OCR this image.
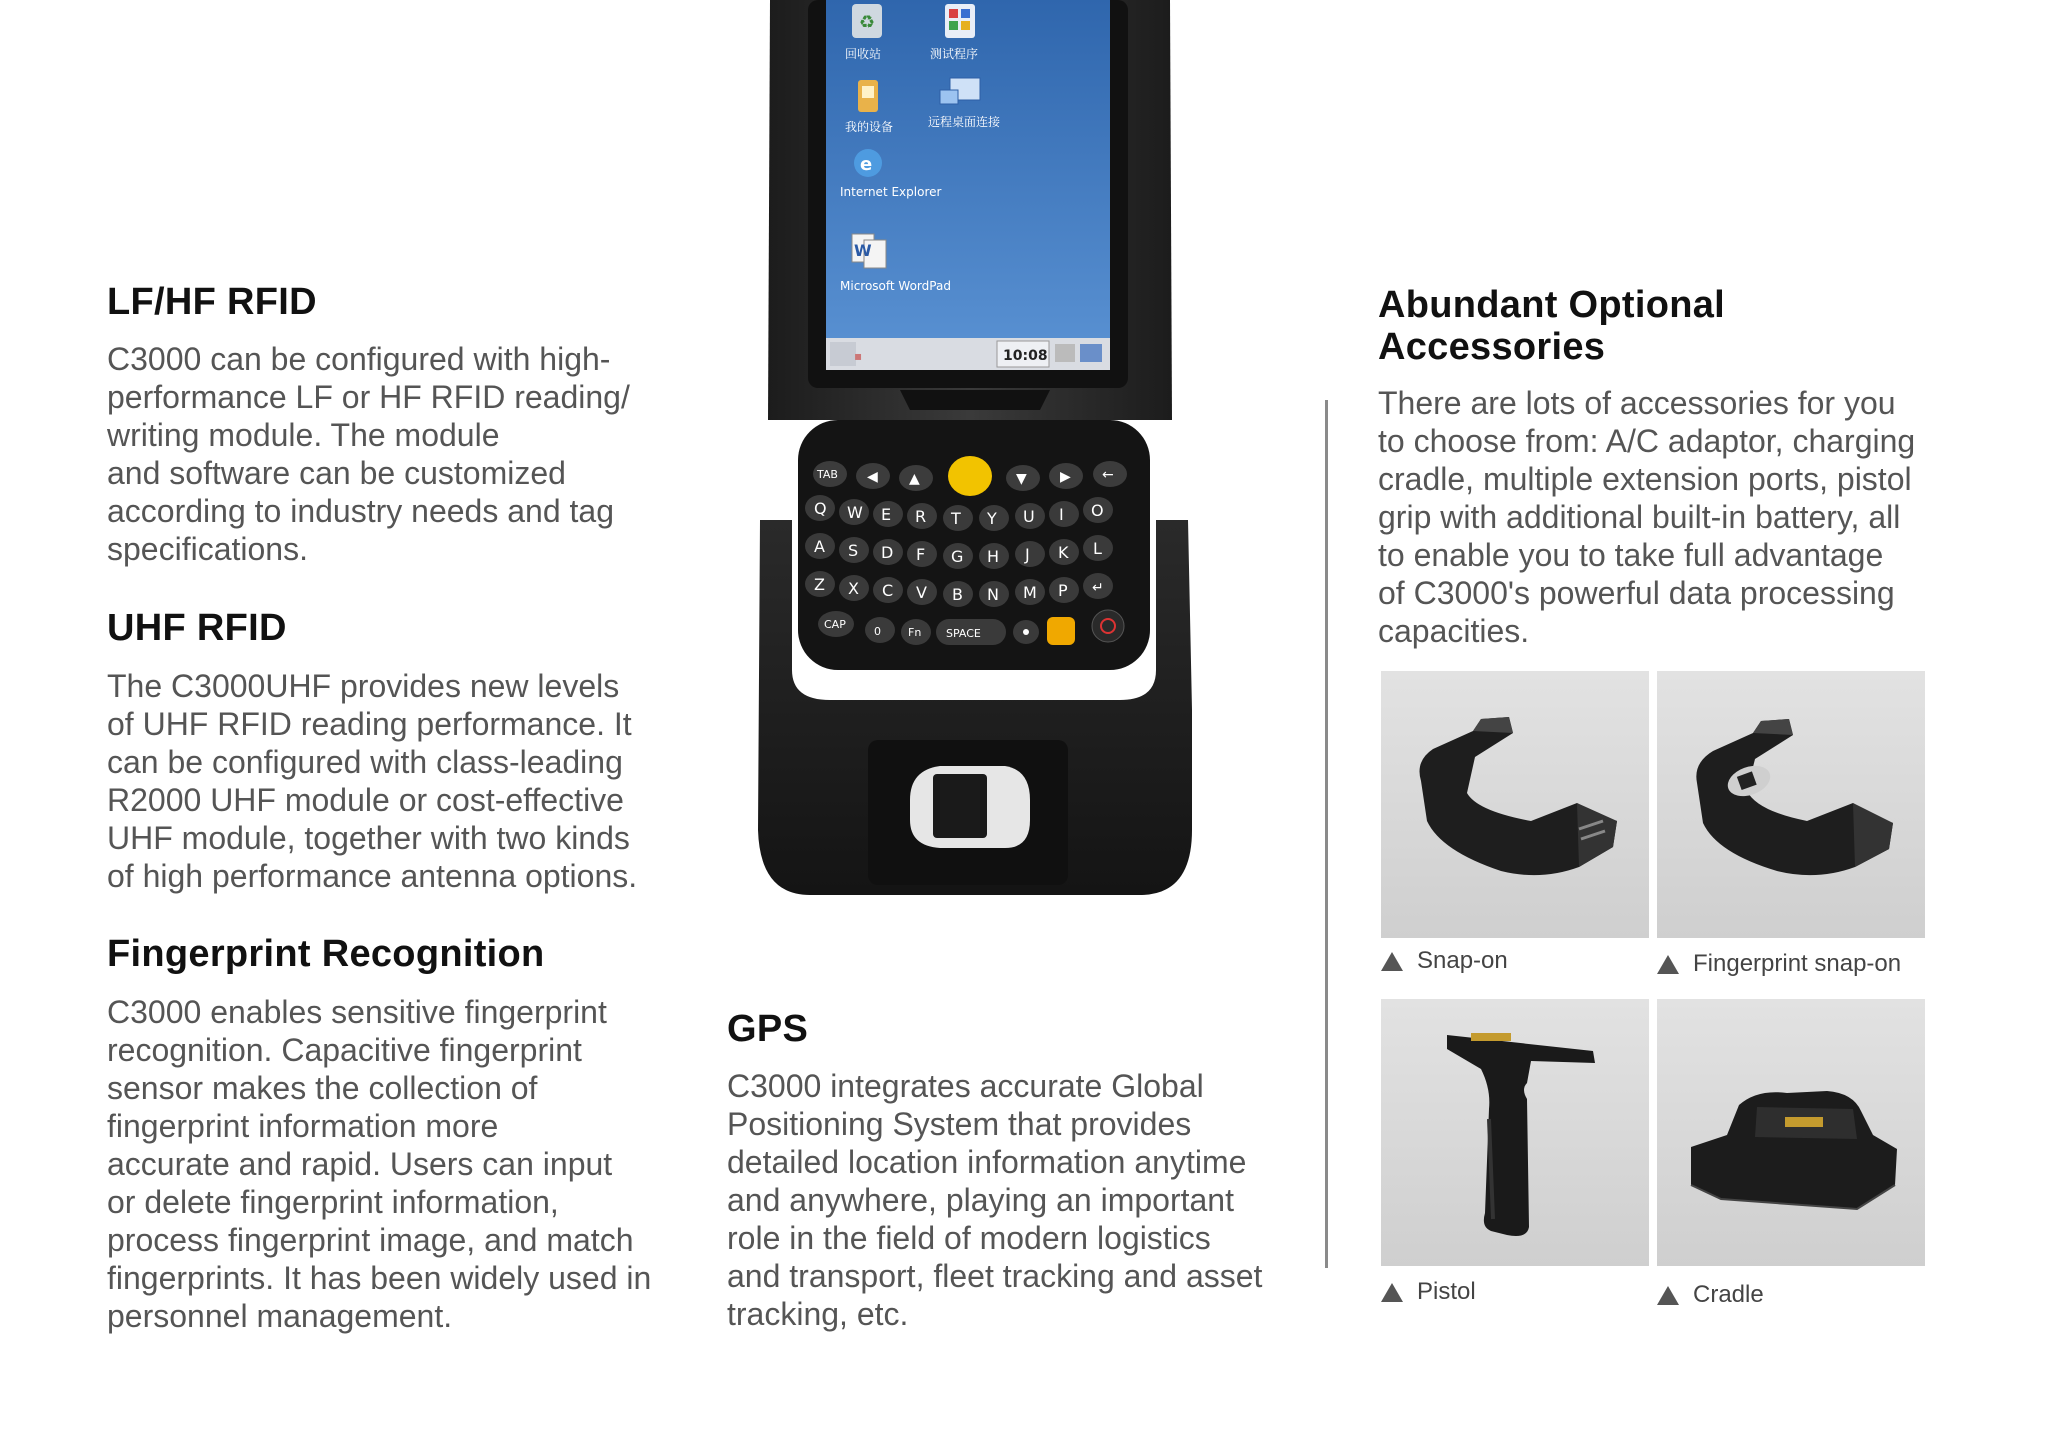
LF/HF RFID

C3000 can be configured with high-
performance LF or HF RFID reading/
writing module. The module
and software can be customized
according to industry needs and tag
specifications.

UHF RFID

The C3000UHF provides new levels
of UHF RFID reading performance. It
can be configured with class-leading
R2000 UHF module or cost-effective
UHF module, together with two kinds
of high performance antenna options.

Fingerprint Recognition

C3000 enables sensitive fingerprint
recognition. Capacitive fingerprint
sensor makes the collection of
fingerprint information more
accurate and rapid. Users can input
or delete fingerprint information,
process fingerprint image, and match
fingerprints. It has been widely used in
personnel management.

▪	10:08
♻
回收站	测试程序
我的设备	远程桌面连接
e
Internet Explorer
W
Microsoft WordPad
TAB ◀ ▲	▼ ▶ ←
Q W E R T Y U I O
A S D F G H J K L
Z X C V B N M P ↵
CAP
0 Fn SPACE
GPS

C3000 integrates accurate Global
Positioning System that provides
detailed location information anytime
and anywhere, playing an important
role in the field of modern logistics
and transport, fleet tracking and asset
tracking, etc.

Abundant Optional
Accessories

There are lots of accessories for you
to choose from: A/C adaptor, charging
cradle, multiple extension ports, pistol
grip with additional built-in battery, all
to enable you to take full advantage
of C3000's powerful data processing
capacities.

Snap-on	Fingerprint snap-on
Pistol	Cradle
